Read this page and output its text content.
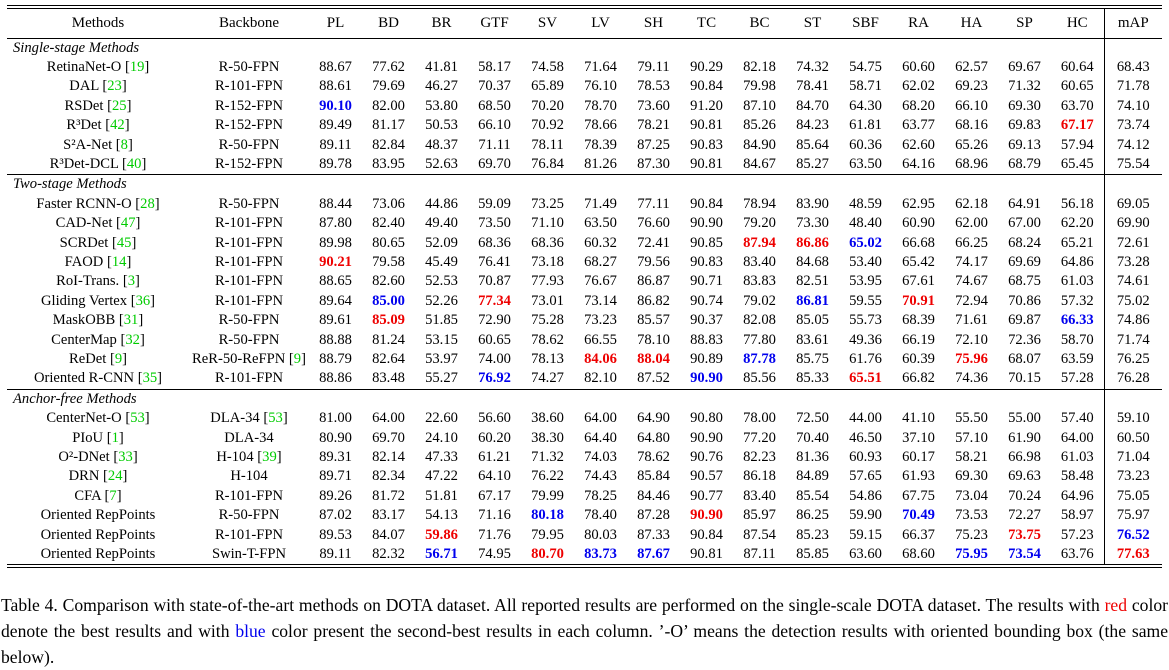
Methods	Backbone	PL	BD	BR	GTF	SV	LV	SH	TC	BC	ST	SBF	RA	HA	SP	HC	mAP
Single-stage Methods																	
RetinaNet-O [19]	R-50-FPN	88.67	77.62	41.81	58.17	74.58	71.64	79.11	90.29	82.18	74.32	54.75	60.60	62.57	69.67	60.64	68.43
DAL [23]	R-101-FPN	88.61	79.69	46.27	70.37	65.89	76.10	78.53	90.84	79.98	78.41	58.71	62.02	69.23	71.32	60.65	71.78
RSDet [25]	R-152-FPN	90.10	82.00	53.80	68.50	70.20	78.70	73.60	91.20	87.10	84.70	64.30	68.20	66.10	69.30	63.70	74.10
R³Det [42]	R-152-FPN	89.49	81.17	50.53	66.10	70.92	78.66	78.21	90.81	85.26	84.23	61.81	63.77	68.16	69.83	67.17	73.74
S²A-Net [8]	R-50-FPN	89.11	82.84	48.37	71.11	78.11	78.39	87.25	90.83	84.90	85.64	60.36	62.60	65.26	69.13	57.94	74.12
R³Det-DCL [40]	R-152-FPN	89.78	83.95	52.63	69.70	76.84	81.26	87.30	90.81	84.67	85.27	63.50	64.16	68.96	68.79	65.45	75.54
Two-stage Methods																	
Faster RCNN-O [28]	R-50-FPN	88.44	73.06	44.86	59.09	73.25	71.49	77.11	90.84	78.94	83.90	48.59	62.95	62.18	64.91	56.18	69.05
CAD-Net [47]	R-101-FPN	87.80	82.40	49.40	73.50	71.10	63.50	76.60	90.90	79.20	73.30	48.40	60.90	62.00	67.00	62.20	69.90
SCRDet [45]	R-101-FPN	89.98	80.65	52.09	68.36	68.36	60.32	72.41	90.85	87.94	86.86	65.02	66.68	66.25	68.24	65.21	72.61
FAOD [14]	R-101-FPN	90.21	79.58	45.49	76.41	73.18	68.27	79.56	90.83	83.40	84.68	53.40	65.42	74.17	69.69	64.86	73.28
RoI-Trans. [3]	R-101-FPN	88.65	82.60	52.53	70.87	77.93	76.67	86.87	90.71	83.83	82.51	53.95	67.61	74.67	68.75	61.03	74.61
Gliding Vertex [36]	R-101-FPN	89.64	85.00	52.26	77.34	73.01	73.14	86.82	90.74	79.02	86.81	59.55	70.91	72.94	70.86	57.32	75.02
MaskOBB [31]	R-50-FPN	89.61	85.09	51.85	72.90	75.28	73.23	85.57	90.37	82.08	85.05	55.73	68.39	71.61	69.87	66.33	74.86
CenterMap [32]	R-50-FPN	88.88	81.24	53.15	60.65	78.62	66.55	78.10	88.83	77.80	83.61	49.36	66.19	72.10	72.36	58.70	71.74
ReDet [9]	ReR-50-ReFPN [9]	88.79	82.64	53.97	74.00	78.13	84.06	88.04	90.89	87.78	85.75	61.76	60.39	75.96	68.07	63.59	76.25
Oriented R-CNN [35]	R-101-FPN	88.86	83.48	55.27	76.92	74.27	82.10	87.52	90.90	85.56	85.33	65.51	66.82	74.36	70.15	57.28	76.28
Anchor-free Methods																	
CenterNet-O [53]	DLA-34 [53]	81.00	64.00	22.60	56.60	38.60	64.00	64.90	90.80	78.00	72.50	44.00	41.10	55.50	55.00	57.40	59.10
PIoU [1]	DLA-34	80.90	69.70	24.10	60.20	38.30	64.40	64.80	90.90	77.20	70.40	46.50	37.10	57.10	61.90	64.00	60.50
O²-DNet [33]	H-104 [39]	89.31	82.14	47.33	61.21	71.32	74.03	78.62	90.76	82.23	81.36	60.93	60.17	58.21	66.98	61.03	71.04
DRN [24]	H-104	89.71	82.34	47.22	64.10	76.22	74.43	85.84	90.57	86.18	84.89	57.65	61.93	69.30	69.63	58.48	73.23
CFA [7]	R-101-FPN	89.26	81.72	51.81	67.17	79.99	78.25	84.46	90.77	83.40	85.54	54.86	67.75	73.04	70.24	64.96	75.05
Oriented RepPoints	R-50-FPN	87.02	83.17	54.13	71.16	80.18	78.40	87.28	90.90	85.97	86.25	59.90	70.49	73.53	72.27	58.97	75.97
Oriented RepPoints	R-101-FPN	89.53	84.07	59.86	71.76	79.95	80.03	87.33	90.84	87.54	85.23	59.15	66.37	75.23	73.75	57.23	76.52
Oriented RepPoints	Swin-T-FPN	89.11	82.32	56.71	74.95	80.70	83.73	87.67	90.81	87.11	85.85	63.60	68.60	75.95	73.54	63.76	77.63

Table 4. Comparison with state-of-the-art methods on DOTA dataset. All reported results are performed on the single-scale DOTA dataset. The results with red color denote the best results and with blue color present the second-best results in each column. ’-O’ means the detection results with oriented bounding box (the same below).
